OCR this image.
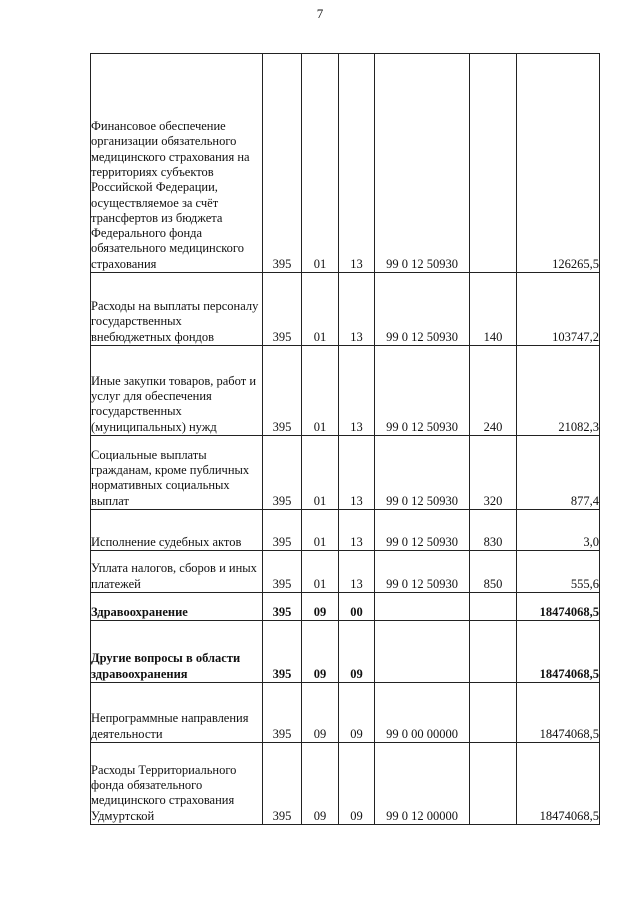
7
Финансовое обеспечение организации обязательного медицинского страхования на территориях субъектов Российской Федерации, осуществляемое за счёт трансфертов из бюджета Федерального фонда обязательного медицинского страхования	395	01	13	99 0 12 50930		126265,5
Расходы на выплаты персоналу государственных внебюджетных фондов	395	01	13	99 0 12 50930	140	103747,2
Иные закупки товаров, работ и услуг для обеспечения государственных (муниципальных) нужд	395	01	13	99 0 12 50930	240	21082,3
Социальные выплаты гражданам, кроме публичных нормативных социальных выплат	395	01	13	99 0 12 50930	320	877,4
Исполнение судебных актов	395	01	13	99 0 12 50930	830	3,0
Уплата налогов, сборов и иных платежей	395	01	13	99 0 12 50930	850	555,6
Здравоохранение	395	09	00			18474068,5
Другие вопросы в области здравоохранения	395	09	09			18474068,5
Непрограммные направления деятельности	395	09	09	99 0 00 00000		18474068,5
Расходы Территориального фонда обязательного медицинского страхования Удмуртской	395	09	09	99 0 12 00000		18474068,5
